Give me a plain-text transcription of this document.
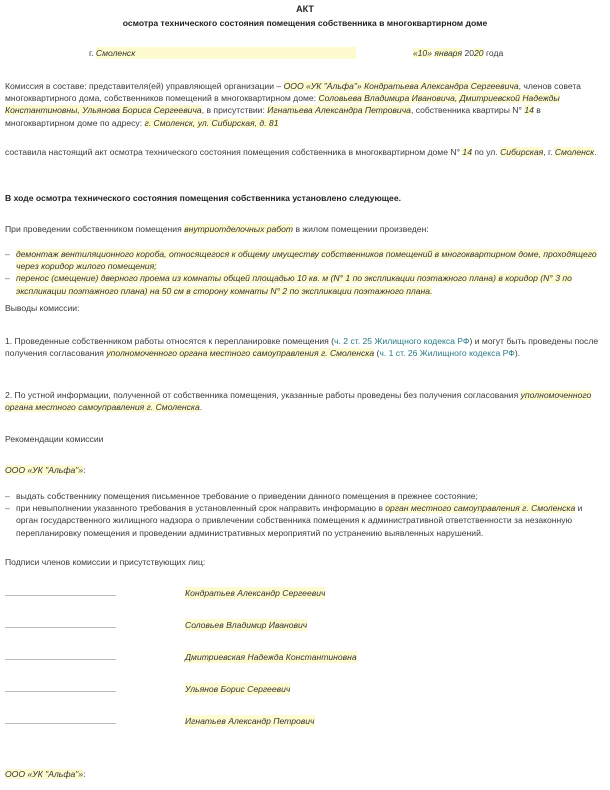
АКТ
осмотра технического состояния помещения собственника в многоквартирном доме
г. Смоленск	«10» января 2020 года

Комиссия в составе: представителя(ей) управляющей организации – ООО «УК "Альфа"» Кондратьева Александра Сергеевича, членов совета многоквартирного дома, собственников помещений в многоквартирном доме: Соловьева Владимира Ивановича, Дмитриевской Надежды Константиновны, Ульянова Бориса Сергеевича, в присутствии: Игнатьева Александра Петровича, собственника квартиры N° 14 в многоквартирном доме по адресу: г. Смоленск, ул. Сибирская, д. 81

составила настоящий акт осмотра технического состояния помещения собственника в многоквартирном доме N° 14 по ул. Сибирская, г. Смоленск.

В ходе осмотра технического состояния помещения собственника установлено следующее.

При проведении собственником помещения внутриотделочных работ в жилом помещении произведен:

– демонтаж вентиляционного короба, относящегося к общему имуществу собственников помещений в многоквартирном доме, проходящего через коридор жилого помещения;
– перенос (смещение) дверного проема из комнаты общей площадью 10 кв. м (N° 1 по экспликации поэтажного плана) в коридор (N° 3 по экспликации поэтажного плана) на 50 см в сторону комнаты N° 2 по экспликации поэтажного плана.

Выводы комиссии:

1. Проведенные собственником работы относятся к перепланировке помещения (ч. 2 ст. 25 Жилищного кодекса РФ) и могут быть проведены после получения согласования уполномоченного органа местного самоуправления г. Смоленска (ч. 1 ст. 26 Жилищного кодекса РФ).

2. По устной информации, полученной от собственника помещения, указанные работы проведены без получения согласования уполномоченного органа местного самоуправления г. Смоленска.

Рекомендации комиссии

ООО «УК "Альфа"»:

– выдать собственнику помещения письменное требование о приведении данного помещения в прежнее состояние;
– при невыполнении указанного требования в установленный срок направить информацию в орган местного самоуправления г. Смоленска и орган государственного жилищного надзора о привлечении собственника помещения к административной ответственности за незаконную перепланировку помещения и проведении административных мероприятий по устранению выявленных нарушений.

Подписи членов комиссии и присутствующих лиц:

Кондратьев Александр Сергеевич
Соловьев Владимир Иванович
Дмитриевская Надежда Константиновна
Ульянов Борис Сергеевич
Игнатьев Александр Петрович

ООО «УК "Альфа"»:
